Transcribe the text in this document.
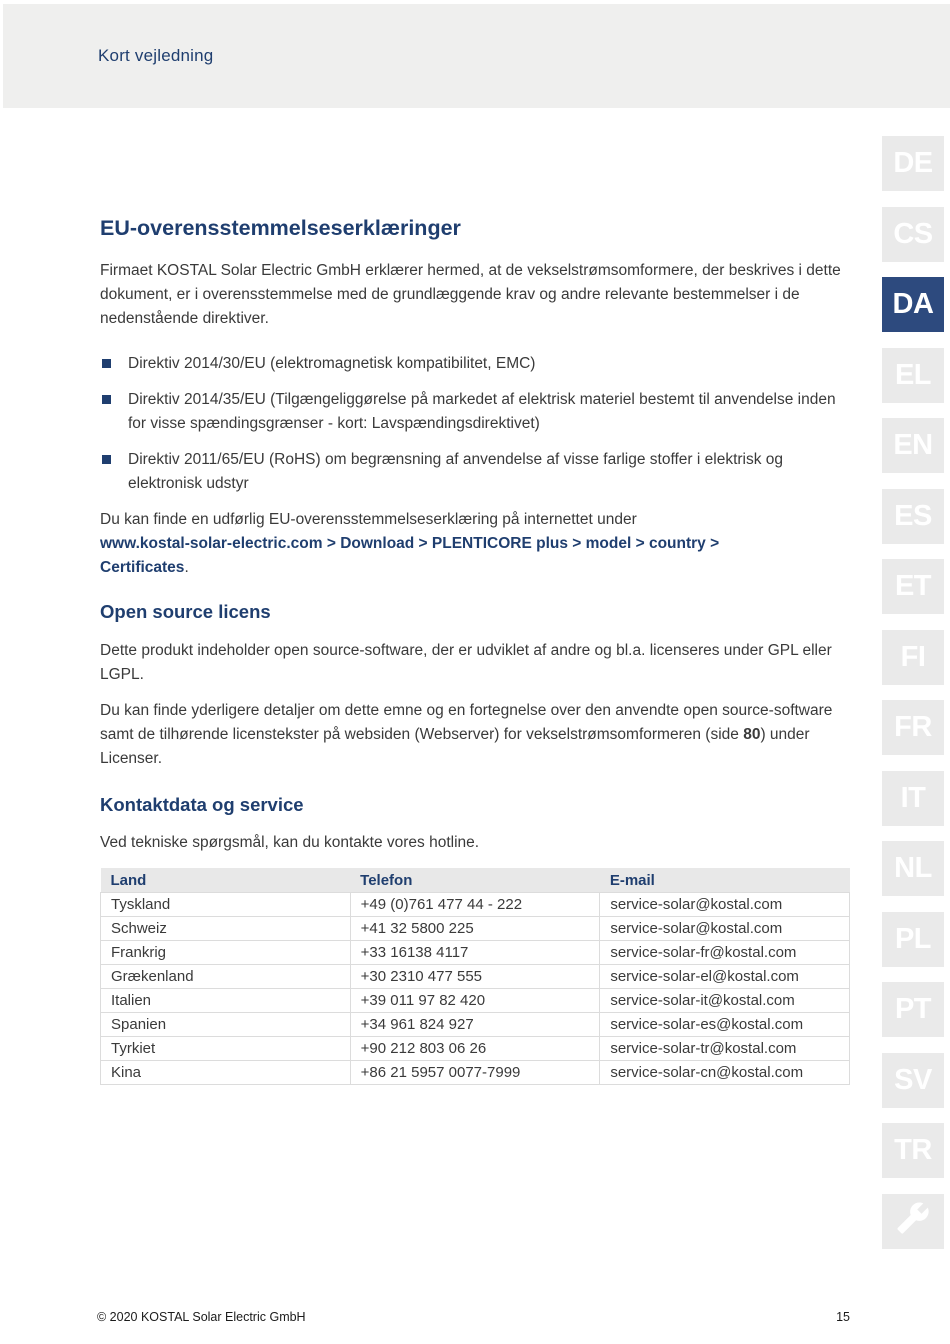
Kort vejledning
EU-overensstemmelseserklæringer

Firmaet KOSTAL Solar Electric GmbH erklærer hermed, at de vekselstrømsomformere, der beskrives i dette dokument, er i overensstemmelse med de grundlæggende krav og andre relevante bestemmelser i de nedenstående direktiver.

Direktiv 2014/30/EU (elektromagnetisk kompatibilitet, EMC)
Direktiv 2014/35/EU (Tilgængeliggørelse på markedet af elektrisk materiel bestemt til anvendelse inden for visse spændingsgrænser - kort: Lavspændingsdirektivet)
Direktiv 2011/65/EU (RoHS) om begrænsning af anvendelse af visse farlige stoffer i elektrisk og elektronisk udstyr

Du kan finde en udførlig EU-overensstemmelseserklæring på internettet under
www.kostal-solar-electric.com > Download > PLENTICORE plus > model > country >
Certificates.

Open source licens

Dette produkt indeholder open source-software, der er udviklet af andre og bl.a. licenseres under GPL eller LGPL.

Du kan finde yderligere detaljer om dette emne og en fortegnelse over den anvendte open source-software samt de tilhørende licenstekster på websiden (Webserver) for vekselstrømsomformeren (side 80) under Licenser.

Kontaktdata og service

Ved tekniske spørgsmål, kan du kontakte vores hotline.

Land	Telefon	E-mail
Tyskland	+49 (0)761 477 44 - 222	service-solar@kostal.com
Schweiz	+41 32 5800 225	service-solar@kostal.com
Frankrig	+33 16138 4117	service-solar-fr@kostal.com
Grækenland	+30 2310 477 555	service-solar-el@kostal.com
Italien	+39 011 97 82 420	service-solar-it@kostal.com
Spanien	+34 961 824 927	service-solar-es@kostal.com
Tyrkiet	+90 212 803 06 26	service-solar-tr@kostal.com
Kina	+86 21 5957 0077-7999	service-solar-cn@kostal.com
DE
CS
DA
EL
EN
ES
ET
FI
FR
IT
NL
PL
PT
SV
TR
© 2020 KOSTAL Solar Electric GmbH	15
